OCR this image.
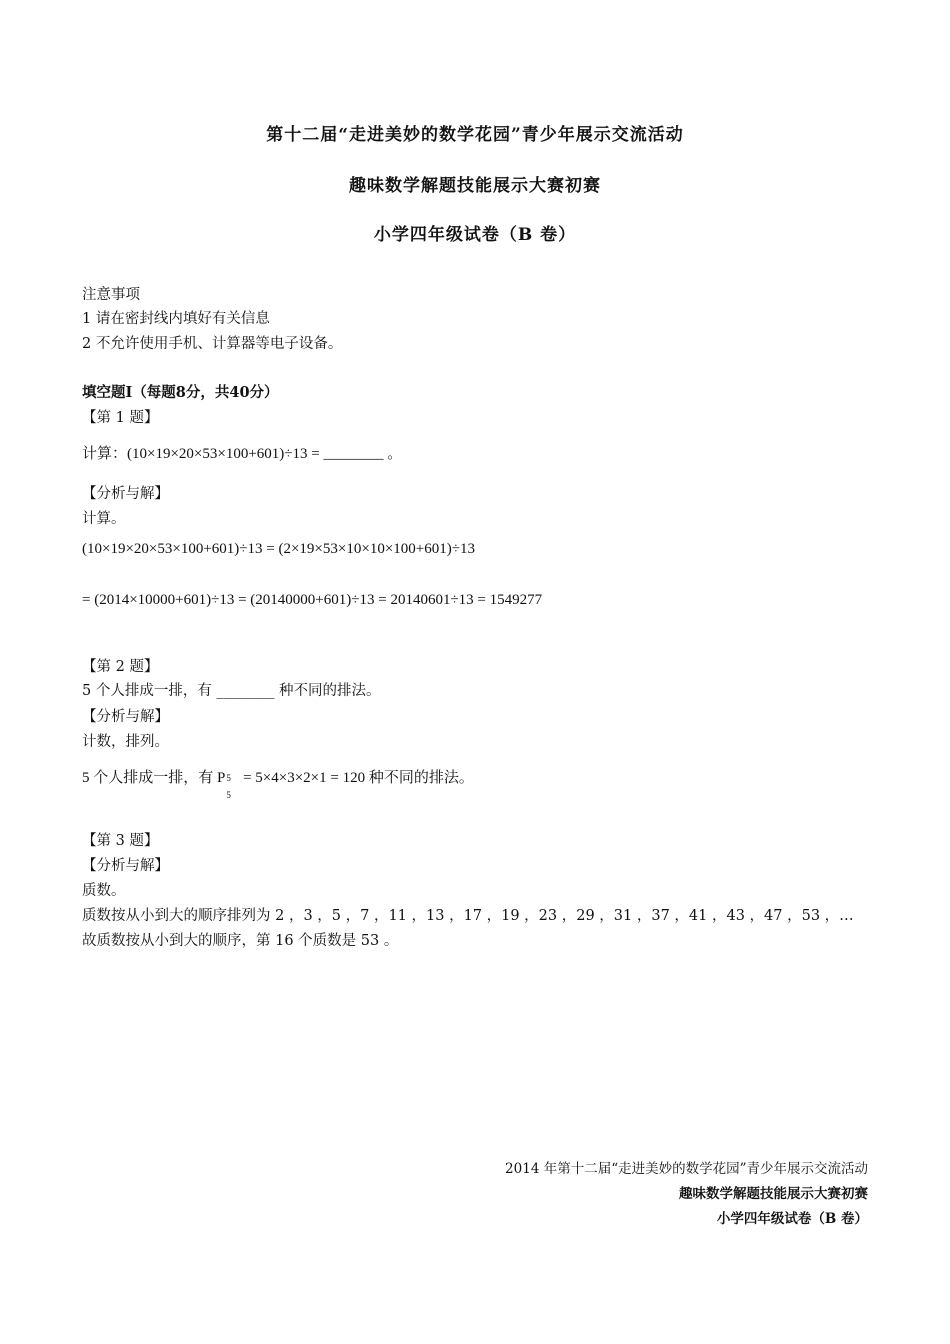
第十二届“走进美妙的数学花园”青少年展示交流活动
趣味数学解题技能展示大赛初赛
小学四年级试卷（B 卷）
注意事项
1 请在密封线内填好有关信息
2 不允许使用手机、计算器等电子设备。
填空题Ⅰ（每题8分，共40分）
【第 1 题】
计算：(10×19×20×53×100+601)÷13 = ________ 。
【分析与解】
计算。
(10×19×20×53×100+601)÷13 = (2×19×53×10×10×100+601)÷13
= (2014×10000+601)÷13 = (20140000+601)÷13 = 20140601÷13 = 1549277
【第 2 题】
5 个人排成一排，有 ________ 种不同的排法。
【分析与解】
计数，排列。
5 个人排成一排，有 P 5
5
= 5×4×3×2×1 = 120 种不同的排法。
【第 3 题】
【分析与解】
质数。
质数按从小到大的顺序排列为 2 ，3 ，5 ，7 ，11 ，13 ，17 ，19 ，23 ，29 ，31 ，37 ，41 ，43 ，47 ，53 ，…
故质数按从小到大的顺序，第 16 个质数是 53 。
2014 年第十二届“走进美妙的数学花园”青少年展示交流活动
趣味数学解题技能展示大赛初赛
小学四年级试卷（B 卷）
